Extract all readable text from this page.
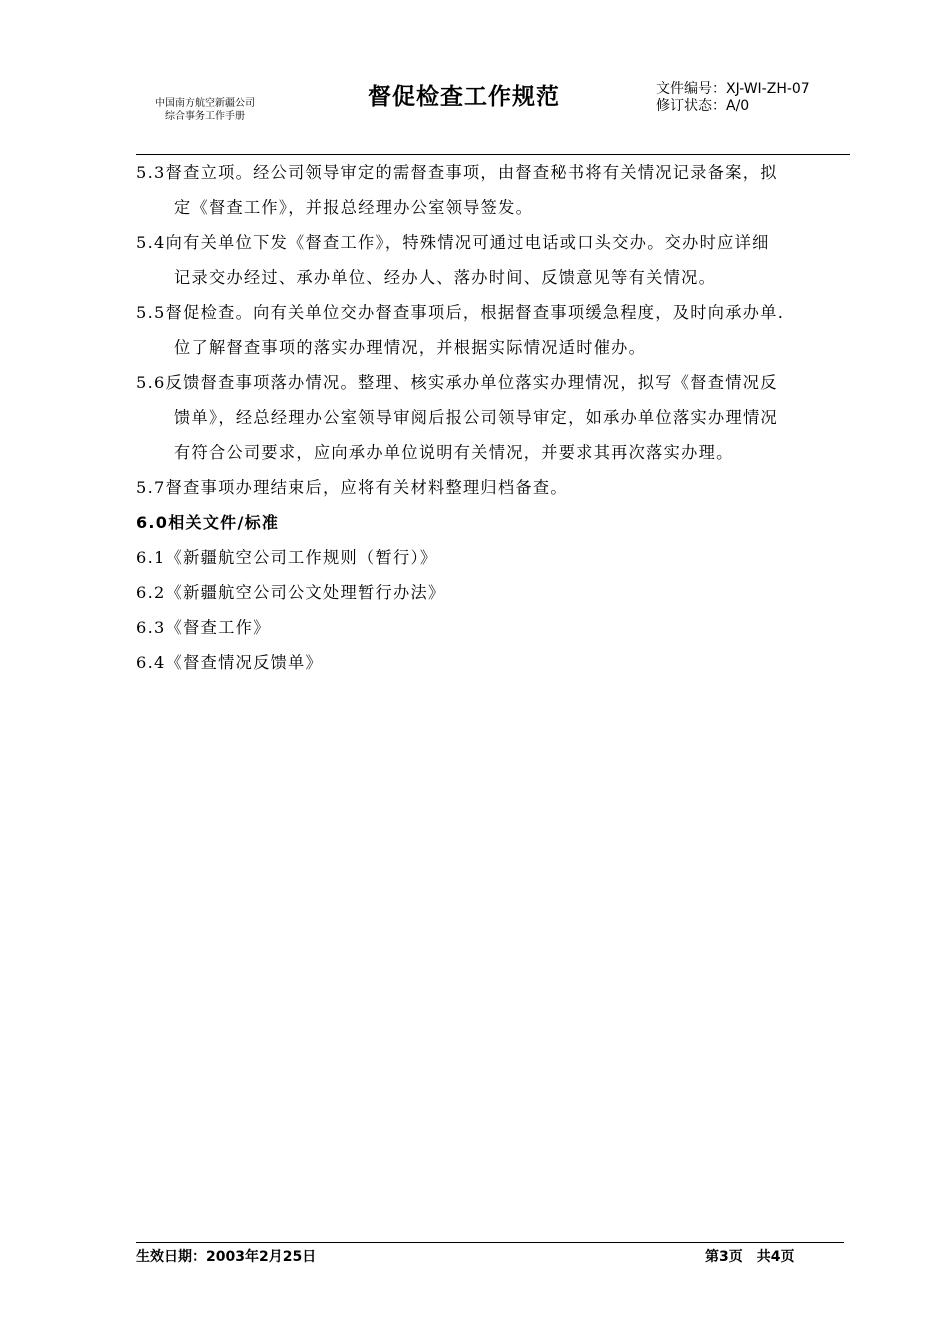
中国南方航空新疆公司
综合事务工作手册
督促检查工作规范	文件编号：XJ-WI-ZH-07
修订状态：A/0
5.3督查立项。经公司领导审定的需督查事项，由督查秘书将有关情况记录备案，拟
定《督查工作》，并报总经理办公室领导签发。
5.4向有关单位下发《督查工作》，特殊情况可通过电话或口头交办。交办时应详细
记录交办经过、承办单位、经办人、落办时间、反馈意见等有关情况。
5.5督促检查。向有关单位交办督查事项后，根据督查事项缓急程度，及时向承办单.
位了解督查事项的落实办理情况，并根据实际情况适时催办。
5.6反馈督查事项落办情况。整理、核实承办单位落实办理情况，拟写《督查情况反
馈单》，经总经理办公室领导审阅后报公司领导审定，如承办单位落实办理情况
有符合公司要求，应向承办单位说明有关情况，并要求其再次落实办理。
5.7督查事项办理结束后，应将有关材料整理归档备查。
6.0相关文件/标准
6.1《新疆航空公司工作规则（暂行）》
6.2《新疆航空公司公文处理暂行办法》
6.3《督查工作》
6.4《督查情况反馈单》
生效日期：2003年2月25日	第3页 共4页
